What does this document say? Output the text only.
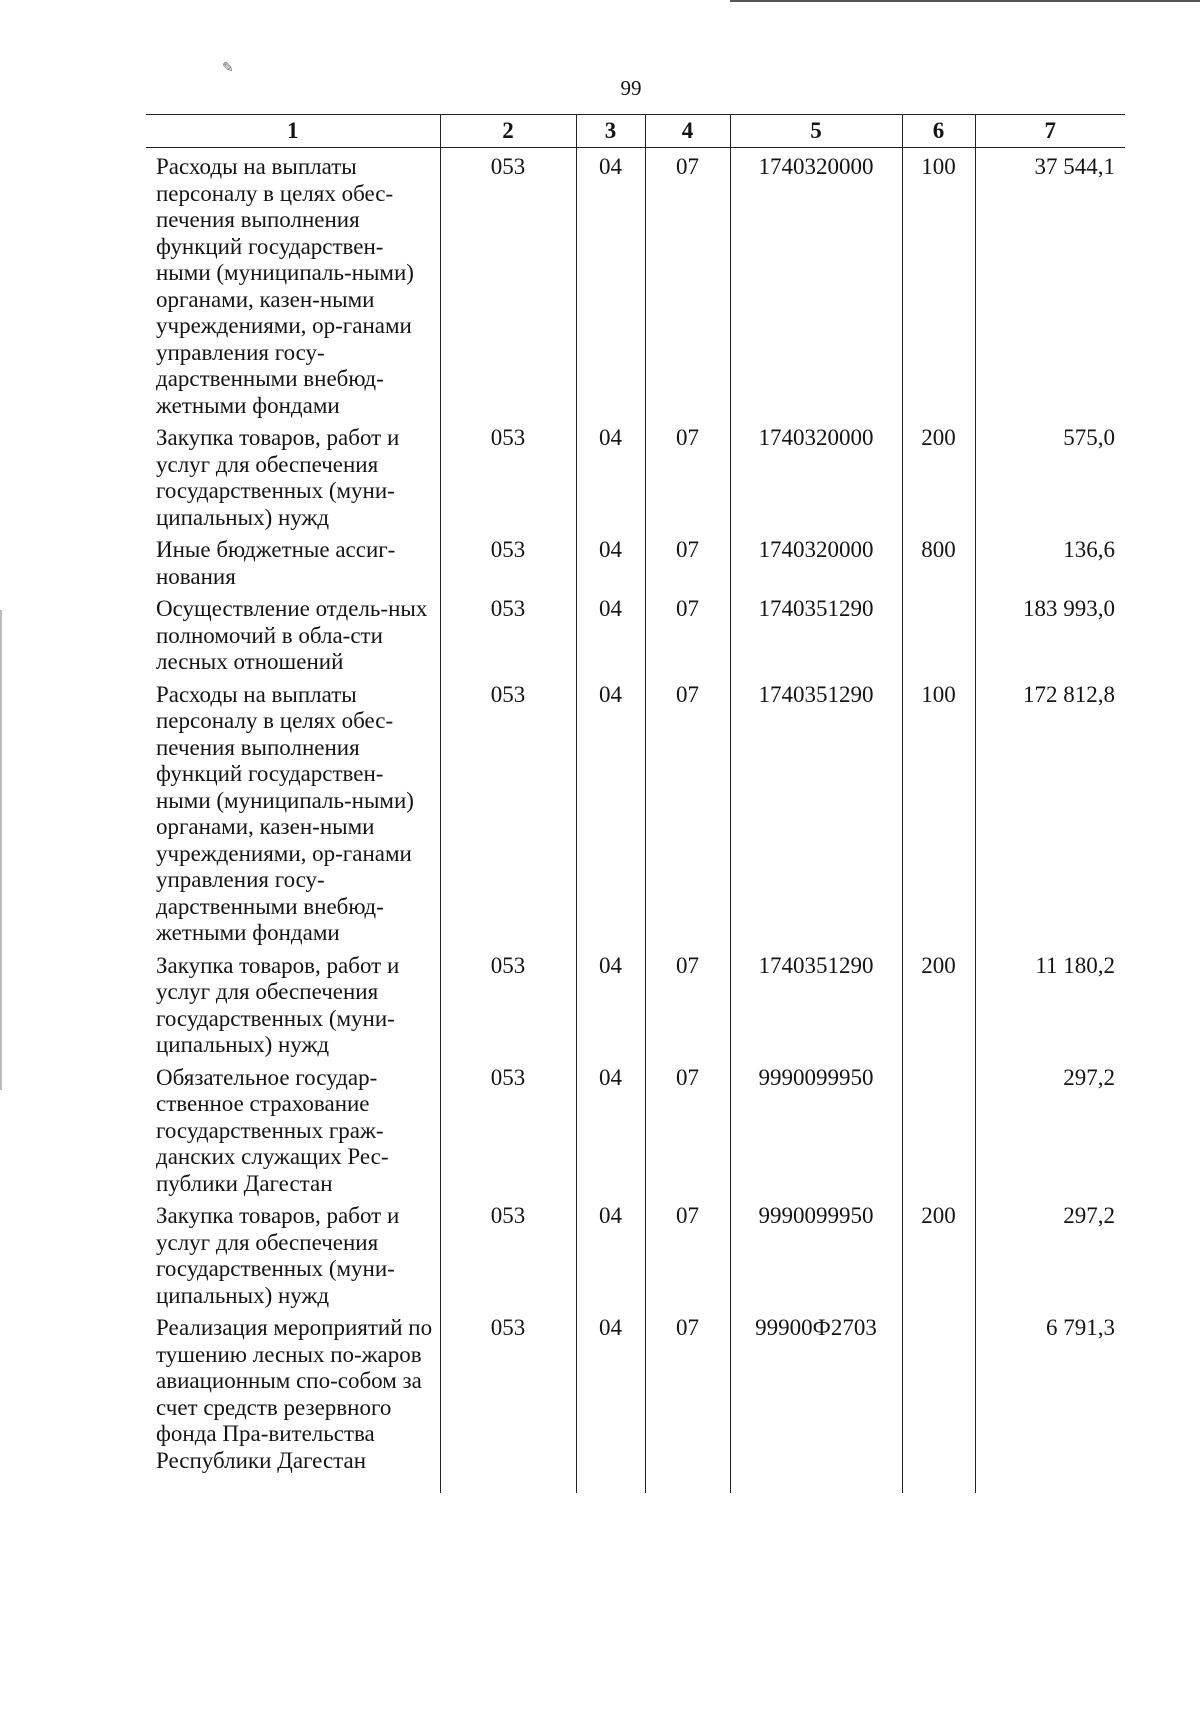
✎
99
1	2	3	4	5	6	7
Расходы на выплаты персоналу в целях обес-печения выполнения функций государствен-ными (муниципаль-ными) органами, казен-ными учреждениями, ор-ганами управления госу-дарственными внебюд-жетными фондами	053	04	07	1740320000	100	37 544,1
Закупка товаров, работ и услуг для обеспечения государственных (муни-ципальных) нужд	053	04	07	1740320000	200	575,0
Иные бюджетные ассиг-нования	053	04	07	1740320000	800	136,6
Осуществление отдель-ных полномочий в обла-сти лесных отношений	053	04	07	1740351290		183 993,0
Расходы на выплаты персоналу в целях обес-печения выполнения функций государствен-ными (муниципаль-ными) органами, казен-ными учреждениями, ор-ганами управления госу-дарственными внебюд-жетными фондами	053	04	07	1740351290	100	172 812,8
Закупка товаров, работ и услуг для обеспечения государственных (муни-ципальных) нужд	053	04	07	1740351290	200	11 180,2
Обязательное государ-ственное страхование государственных граж-данских служащих Рес-публики Дагестан	053	04	07	9990099950		297,2
Закупка товаров, работ и услуг для обеспечения государственных (муни-ципальных) нужд	053	04	07	9990099950	200	297,2
Реализация мероприятий по тушению лесных по-жаров авиационным спо-собом за счет средств резервного фонда Пра-вительства Республики Дагестан	053	04	07	99900Ф2703		6 791,3
